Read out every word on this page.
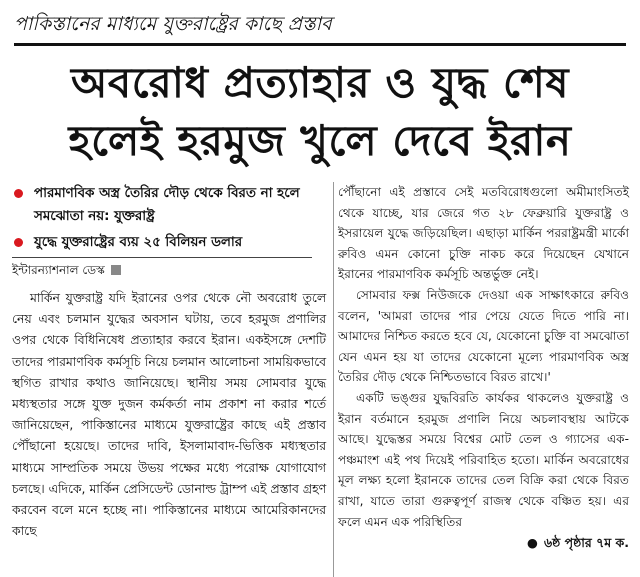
পাকিস্তানের মাধ্যমে যুক্তরাষ্ট্রের কাছে প্রস্তাব
অবরোধ প্রত্যাহার ও যুদ্ধ শেষ
হলেই হরমুজ খুলে দেবে ইরান
পারমাণবিক অস্ত্র তৈরির দৌড় থেকে বিরত না হলে সমঝোতা নয়: যুক্তরাষ্ট্র
যুদ্ধে যুক্তরাষ্ট্রের ব্যয় ২৫ বিলিয়ন ডলার
ইন্টারন্যাশনাল ডেস্ক
মার্কিন যুক্তরাষ্ট্র যদি ইরানের ওপর থেকে নৌ অবরোধ তুলে নেয় এবং চলমান যুদ্ধের অবসান ঘটায়, তবে হরমুজ প্রণালির ওপর থেকে বিধিনিষেধ প্রত্যাহার করবে ইরান। একইসঙ্গে দেশটি তাদের পারমাণবিক কর্মসূচি নিয়ে চলমান আলোচনা সাময়িকভাবে স্থগিত রাখার কথাও জানিয়েছে। স্থানীয় সময় সোমবার যুদ্ধে মধ্যস্থতার সঙ্গে যুক্ত দুজন কর্মকর্তা নাম প্রকাশ না করার শর্তে জানিয়েছেন, পাকিস্তানের মাধ্যমে যুক্তরাষ্ট্রের কাছে এই প্রস্তাব পৌঁছানো হয়েছে। তাদের দাবি, ইসলামাবাদ-ভিত্তিক মধ্যস্থতার মাধ্যমে সাম্প্রতিক সময়ে উভয় পক্ষের মধ্যে পরোক্ষ যোগাযোগ চলছে। এদিকে, মার্কিন প্রেসিডেন্ট ডোনাল্ড ট্রাম্প এই প্রস্তাব গ্রহণ করবেন বলে মনে হচ্ছে না। পাকিস্তানের মাধ্যমে আমেরিকানদের কাছে

পৌঁছানো এই প্রস্তাবে সেই মতবিরোধগুলো অমীমাংসিতই থেকে যাচ্ছে, যার জেরে গত ২৮ ফেব্রুয়ারি যুক্তরাষ্ট্র ও ইসরায়েল যুদ্ধে জড়িয়েছিল। এছাড়া মার্কিন পররাষ্ট্রমন্ত্রী মার্কো রুবিও এমন কোনো চুক্তি নাকচ করে দিয়েছেন যেখানে ইরানের পারমাণবিক কর্মসূচি অন্তর্ভুক্ত নেই।

সোমবার ফক্স নিউজকে দেওয়া এক সাক্ষাৎকারে রুবিও বলেন, 'আমরা তাদের পার পেয়ে যেতে দিতে পারি না। আমাদের নিশ্চিত করতে হবে যে, যেকোনো চুক্তি বা সমঝোতা যেন এমন হয় যা তাদের যেকোনো মূল্যে পারমাণবিক অস্ত্র তৈরির দৌড় থেকে নিশ্চিতভাবে বিরত রাখে।'

একটি ভঙ্গুর যুদ্ধবিরতি কার্যকর থাকলেও যুক্তরাষ্ট্র ও ইরান বর্তমানে হরমুজ প্রণালি নিয়ে অচলাবস্থায় আটকে আছে। যুদ্ধেস্তর সময়ে বিশ্বের মোট তেল ও গ্যাসের এক-পঞ্চমাংশ এই পথ দিয়েই পরিবাহিত হতো। মার্কিন অবরোধের মূল লক্ষ্য হলো ইরানকে তাদের তেল বিক্রি করা থেকে বিরত রাখা, যাতে তারা গুরুত্বপূর্ণ রাজস্ব থেকে বঞ্চিত হয়। এর ফলে এমন এক পরিস্থিতির

● ৬ষ্ঠ পৃষ্ঠার ৭ম ক.
